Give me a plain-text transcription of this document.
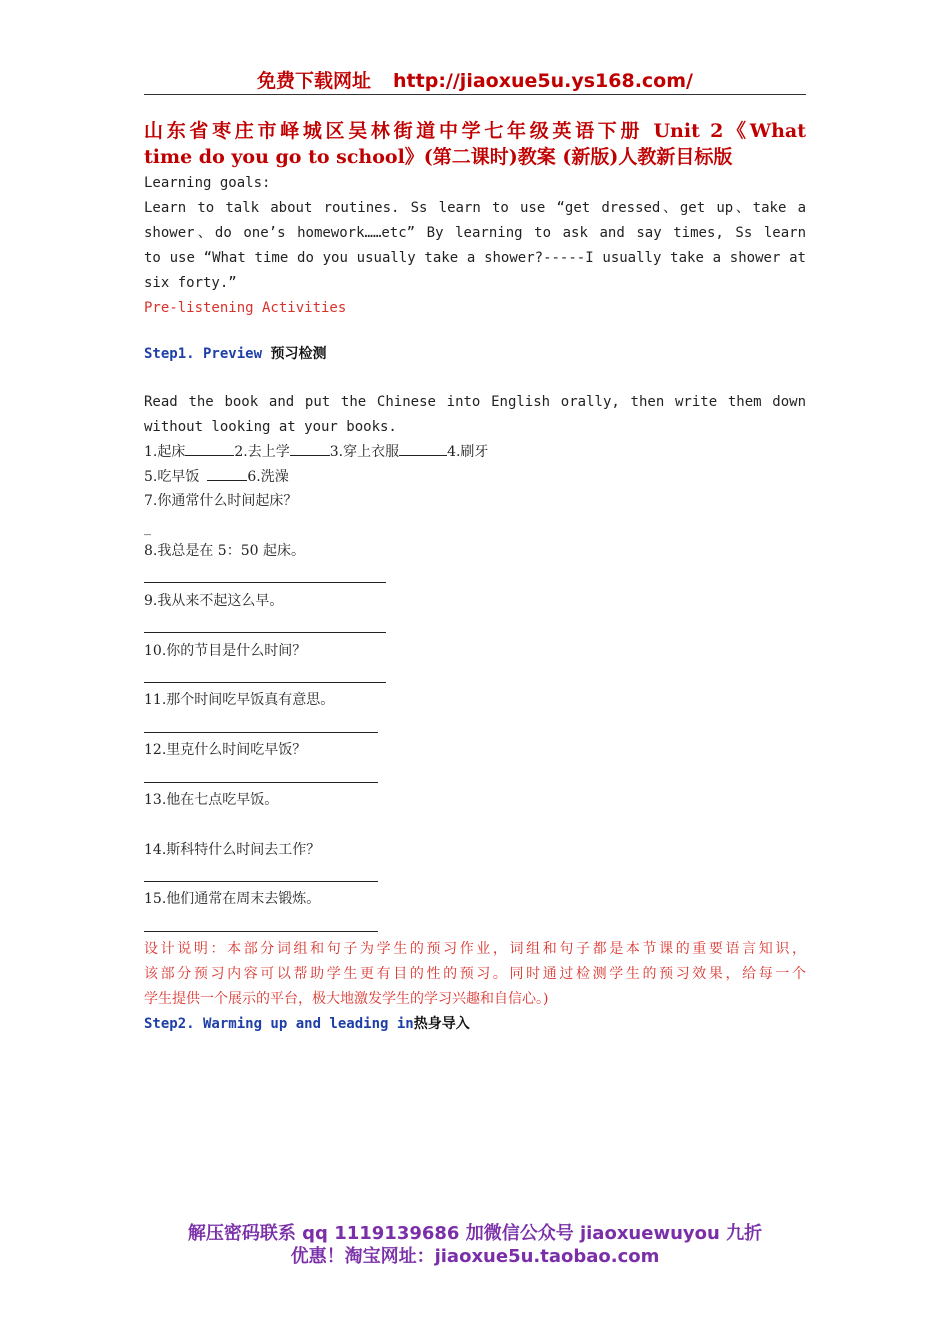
免费下载网址 http://jiaoxue5u.ys168.com/
山东省枣庄市峄城区吴林街道中学七年级英语下册 Unit 2《What
time do you go to school》(第二课时)教案 (新版)人教新目标版
Learning goals:
Learn to talk about routines. Ss learn to use “get dressed、get up、take a
shower、do one’s homework……etc” By learning to ask and say times, Ss learn
to use “What time do you usually take a shower?-----I usually take a shower at
six forty.”
Pre-listening Activities
Step1. Preview 预习检测
Read the book and put the Chinese into English orally, then write them down
without looking at your books.
1.起床	2.去上学	3.穿上衣服	4.刷牙
5.吃早饭	6.洗澡
7.你通常什么时间起床？
_
8.我总是在 5：50 起床。
9.我从来不起这么早。
10.你的节目是什么时间？
11.那个时间吃早饭真有意思。
12.里克什么时间吃早饭？
13.他在七点吃早饭。
14.斯科特什么时间去工作？
15.他们通常在周末去锻炼。
设计说明：本部分词组和句子为学生的预习作业，词组和句子都是本节课的重要语言知识，
该部分预习内容可以帮助学生更有目的性的预习。同时通过检测学生的预习效果，给每一个
学生提供一个展示的平台，极大地激发学生的学习兴趣和自信心。)
Step2. Warming up and leading in热身导入
解压密码联系 qq 1119139686 加微信公众号 jiaoxuewuyou 九折
优惠！淘宝网址：jiaoxue5u.taobao.com
